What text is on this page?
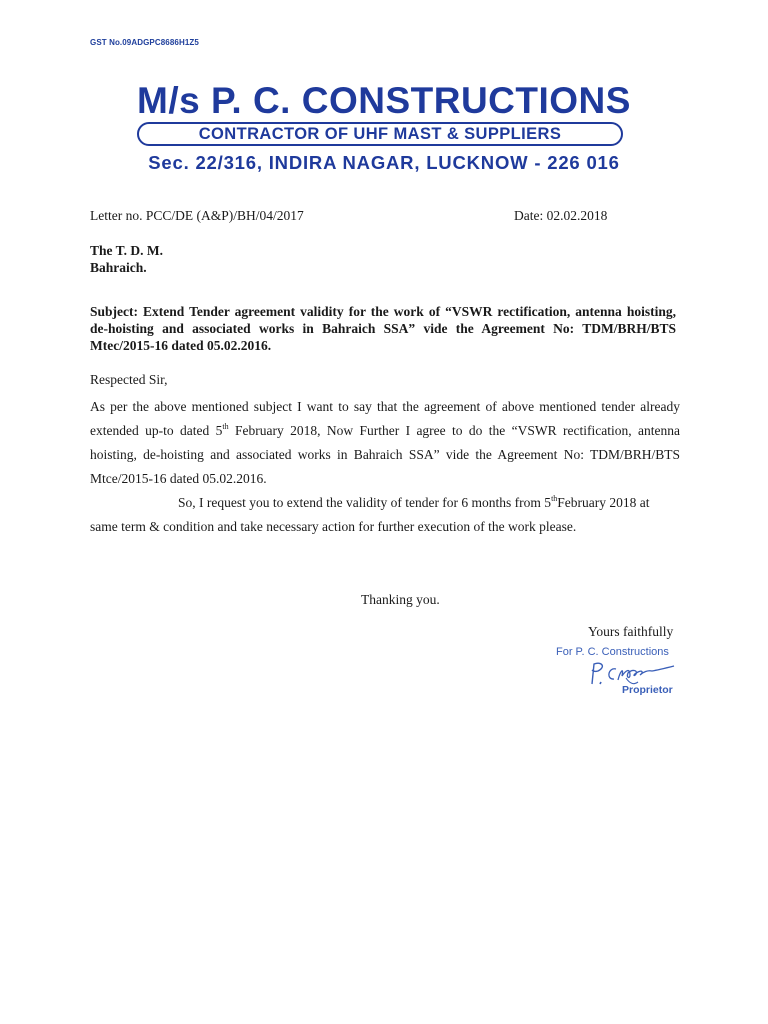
GST No.09ADGPC8686H1Z5
M/s P. C. CONSTRUCTIONS
CONTRACTOR OF UHF MAST & SUPPLIERS
Sec. 22/316, INDIRA NAGAR, LUCKNOW - 226 016
Letter no. PCC/DE (A&P)/BH/04/2017	Date: 02.02.2018
The T. D. M.
Bahraich.
Subject: Extend Tender agreement validity for the work of “VSWR rectification, antenna hoisting,
de-hoisting and associated works in Bahraich SSA” vide the Agreement No: TDM/BRH/BTS
Mtec/2015-16 dated 05.02.2016.
Respected Sir,
As per the above mentioned subject I want to say that the agreement of above mentioned tender already
extended up-to dated 5th February 2018, Now Further I agree to do the “VSWR rectification, antenna
hoisting, de-hoisting and associated works in Bahraich SSA” vide the Agreement No: TDM/BRH/BTS
Mtce/2015-16 dated 05.02.2016.
So, I request you to extend the validity of tender for 6 months from 5thFebruary 2018 at
same term & condition and take necessary action for further execution of the work please.
Thanking you.
Yours faithfully
For P. C. Constructions
Proprietor
